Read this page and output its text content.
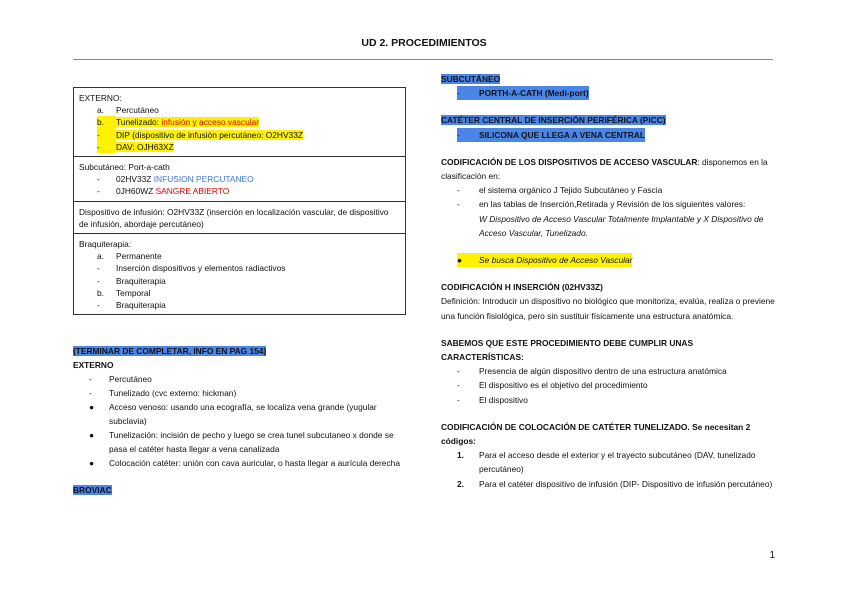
UD 2. PROCEDIMIENTOS
EXTERNO:
a. Percutáneo
b. Tunelizado: infusión y acceso vascular
- DIP (dispositivo de infusión percutáneo: O2HV33Z
- DAV: OJH63XZ
Subcutáneo: Port-a-cath
- 02HV33Z INFUSION PERCUTANEO
- 0JH60WZ SANGRE ABIERTO
Dispositivo de infusión: O2HV33Z (inserción en localización vascular, de dispositivo de infusión, abordaje percutáneo)
Braquiterapia:
a. Permanente
- Inserción dispositivos y elementos radiactivos
- Braquiterapia
b. Temporal
- Braquiterapia
(TERMINAR DE COMPLETAR, INFO EN PAG 154)
EXTERNO
-	Percutáneo
-	Tunelizado (cvc externo: hickman)
●	Acceso venoso: usando una ecografía, se localiza vena grande (yugular subclavia)
●	Tunelización: incisión de pecho y luego se crea tunel subcutaneo x donde se pasa el catéter hasta llegar a vena canalizada
●	Colocación catéter: unión con cava auricular, o hasta llegar a aurícula derecha
BROVIAC
SUBCUTÁNEO
-	PORTH-A-CATH (Medi-port)
CATÉTER CENTRAL DE INSERCIÓN PERIFÉRICA (PICC)
-	SILICONA QUE LLEGA A VENA CENTRAL
CODIFICACIÓN DE LOS DISPOSITIVOS DE ACCESO VASCULAR: disponemos en la clasificación en:
-	el sistema orgánico J Tejido Subcutáneo y Fascia
-	en las tablas de Inserción,Retirada y Revisión de los siguientes valores:
W Dispositivo de Acceso Vascular Totalmente Implantable y X Dispositivo de Acceso Vascular, Tunelizado.
●	Se busca Dispositivo de Acceso Vascular
CODIFICACIÓN H INSERCIÓN (02HV33Z)
Definición: Introducir un dispositivo no biológico que monitoriza, evalúa, realiza o previene una función fisiológica, pero sin sustituir físicamente una estructura anatómica.
SABEMOS QUE ESTE PROCEDIMIENTO DEBE CUMPLIR UNAS CARACTERÍSTICAS:
-	Presencia de algún dispositivo dentro de una estructura anatómica
-	El dispositivo es el objetivo del procedimiento
-	El dispositivo
CODIFICACIÓN DE COLOCACIÓN DE CATÉTER TUNELIZADO. Se necesitan 2 códigos:
1.	Para el acceso desde el exterior y el trayecto subcutáneo (DAV, tunelizado percutáneo)
2.	Para el catéter dispositivo de infusión (DIP- Dispositivo de infusión percutáneo)
1
